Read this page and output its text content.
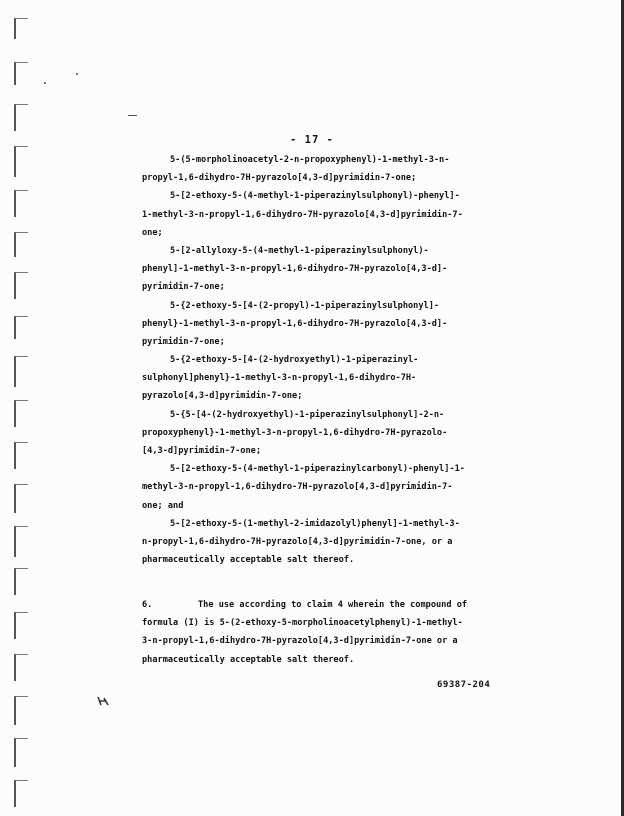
- 17 -
5-(5-morpholinoacetyl-2-n-propoxyphenyl)-1-methyl-3-n-
propyl-1,6-dihydro-7H-pyrazolo[4,3-d]pyrimidin-7-one;
5-[2-ethoxy-5-(4-methyl-1-piperazinylsulphonyl)-phenyl]-
1-methyl-3-n-propyl-1,6-dihydro-7H-pyrazolo[4,3-d]pyrimidin-7-
one;
5-[2-allyloxy-5-(4-methyl-1-piperazinylsulphonyl)-
phenyl]-1-methyl-3-n-propyl-1,6-dihydro-7H-pyrazolo[4,3-d]-
pyrimidin-7-one;
5-{2-ethoxy-5-[4-(2-propyl)-1-piperazinylsulphonyl]-
phenyl}-1-methyl-3-n-propyl-1,6-dihydro-7H-pyrazolo[4,3-d]-
pyrimidin-7-one;
5-{2-ethoxy-5-[4-(2-hydroxyethyl)-1-piperazinyl-
sulphonyl]phenyl}-1-methyl-3-n-propyl-1,6-dihydro-7H-
pyrazolo[4,3-d]pyrimidin-7-one;
5-{5-[4-(2-hydroxyethyl)-1-piperazinylsulphonyl]-2-n-
propoxyphenyl}-1-methyl-3-n-propyl-1,6-dihydro-7H-pyrazolo-
[4,3-d]pyrimidin-7-one;
5-[2-ethoxy-5-(4-methyl-1-piperazinylcarbonyl)-phenyl]-1-
methyl-3-n-propyl-1,6-dihydro-7H-pyrazolo[4,3-d]pyrimidin-7-
one; and
5-[2-ethoxy-5-(1-methyl-2-imidazolyl)phenyl]-1-methyl-3-
n-propyl-1,6-dihydro-7H-pyrazolo[4,3-d]pyrimidin-7-one, or a
pharmaceutically acceptable salt thereof.
6.	The use according to claim 4 wherein the compound of
formula (I) is 5-(2-ethoxy-5-morpholinoacetylphenyl)-1-methyl-
3-n-propyl-1,6-dihydro-7H-pyrazolo[4,3-d]pyrimidin-7-one or a
pharmaceutically acceptable salt thereof.
69387-204
